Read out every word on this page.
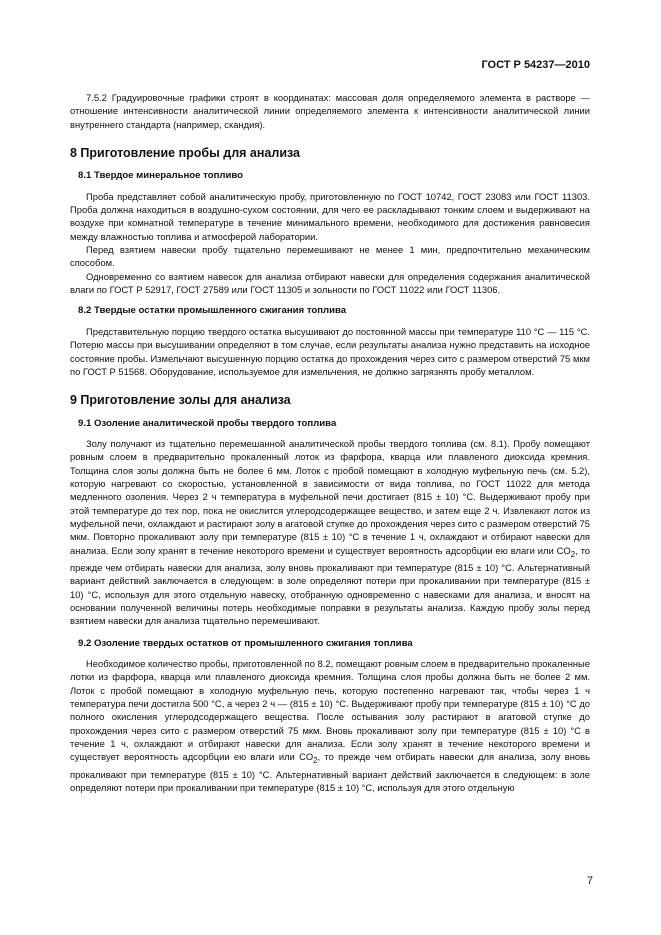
ГОСТ Р 54237—2010

7.5.2 Градуировочные графики строят в координатах: массовая доля определяемого элемента в растворе — отношение интенсивности аналитической линии определяемого элемента к интенсивности аналитической линии внутреннего стандарта (например, скандия).

8 Приготовление пробы для анализа
8.1 Твердое минеральное топливо

Проба представляет собой аналитическую пробу, приготовленную по ГОСТ 10742, ГОСТ 23083 или ГОСТ 11303. Проба должна находиться в воздушно-сухом состоянии, для чего ее раскладывают тонким слоем и выдерживают на воздухе при комнатной температуре в течение минимального времени, необходимого для достижения равновесия между влажностью топлива и атмосферой лаборатории.

Перед взятием навески пробу тщательно перемешивают не менее 1 мин, предпочтительно механическим способом.

Одновременно со взятием навесок для анализа отбирают навески для определения содержания аналитической влаги по ГОСТ Р 52917, ГОСТ 27589 или ГОСТ 11305 и зольности по ГОСТ 11022 или ГОСТ 11306.

8.2 Твердые остатки промышленного сжигания топлива

Представительную порцию твердого остатка высушивают до постоянной массы при температуре 110 °С — 115 °С. Потерю массы при высушивании определяют в том случае, если результаты анализа нужно представить на исходное состояние пробы. Измельчают высушенную порцию остатка до прохождения через сито с размером отверстий 75 мкм по ГОСТ Р 51568. Оборудование, используемое для измельчения, не должно загрязнять пробу металлом.

9 Приготовление золы для анализа
9.1 Озоление аналитической пробы твердого топлива

Золу получают из тщательно перемешанной аналитической пробы твердого топлива (см. 8.1). Пробу помещают ровным слоем в предварительно прокаленный лоток из фарфора, кварца или плавленого диоксида кремния. Толщина слоя золы должна быть не более 6 мм. Лоток с пробой помещают в холодную муфельную печь (см. 5.2), которую нагревают со скоростью, установленной в зависимости от вида топлива, по ГОСТ 11022 для метода медленного озоления. Через 2 ч температура в муфельной печи достигает (815 ± 10) °С. Выдерживают пробу при этой температуре до тех пор, пока не окислится углеродсодержащее вещество, и затем еще 2 ч. Извлекают лоток из муфельной печи, охлаждают и растирают золу в агатовой ступке до прохождения через сито с размером отверстий 75 мкм. Повторно прокаливают золу при температуре (815 ± 10) °С в течение 1 ч, охлаждают и отбирают навески для анализа. Если золу хранят в течение некоторого времени и существует вероятность адсорбции ею влаги или $CO_2$, то прежде чем отбирать навески для анализа, золу вновь прокаливают при температуре (815 ± 10) °С. Альтернативный вариант действий заключается в следующем: в золе определяют потери при прокаливании при температуре (815 ± 10) °С, используя для этого отдельную навеску, отобранную одновременно с навесками для анализа, и вносят на основании полученной величины потерь необходимые поправки в результаты анализа. Каждую пробу золы перед взятием навески для анализа тщательно перемешивают.

9.2 Озоление твердых остатков от промышленного сжигания топлива

Необходимое количество пробы, приготовленной по 8.2, помещают ровным слоем в предварительно прокаленные лотки из фарфора, кварца или плавленого диоксида кремния. Толщина слоя пробы должна быть не более 2 мм. Лоток с пробой помещают в холодную муфельную печь, которую постепенно нагревают так, чтобы через 1 ч температура печи достигла 500 °С, а через 2 ч — (815 ± 10) °С. Выдерживают пробу при температуре (815 ± 10) °С до полного окисления углеродсодержащего вещества. После остывания золу растирают в агатовой ступке до прохождения через сито с размером отверстий 75 мкм. Вновь прокаливают золу при температуре (815 ± 10) °С в течение 1 ч, охлаждают и отбирают навески для анализа. Если золу хранят в течение некоторого времени и существует вероятность адсорбции ею влаги или $CO_2$, то прежде чем отбирать навески для анализа, золу вновь прокаливают при температуре (815 ± 10) °С. Альтернативный вариант действий заключается в следующем: в золе определяют потери при прокаливании при температуре (815 ± 10) °С, используя для этого отдельную

7
